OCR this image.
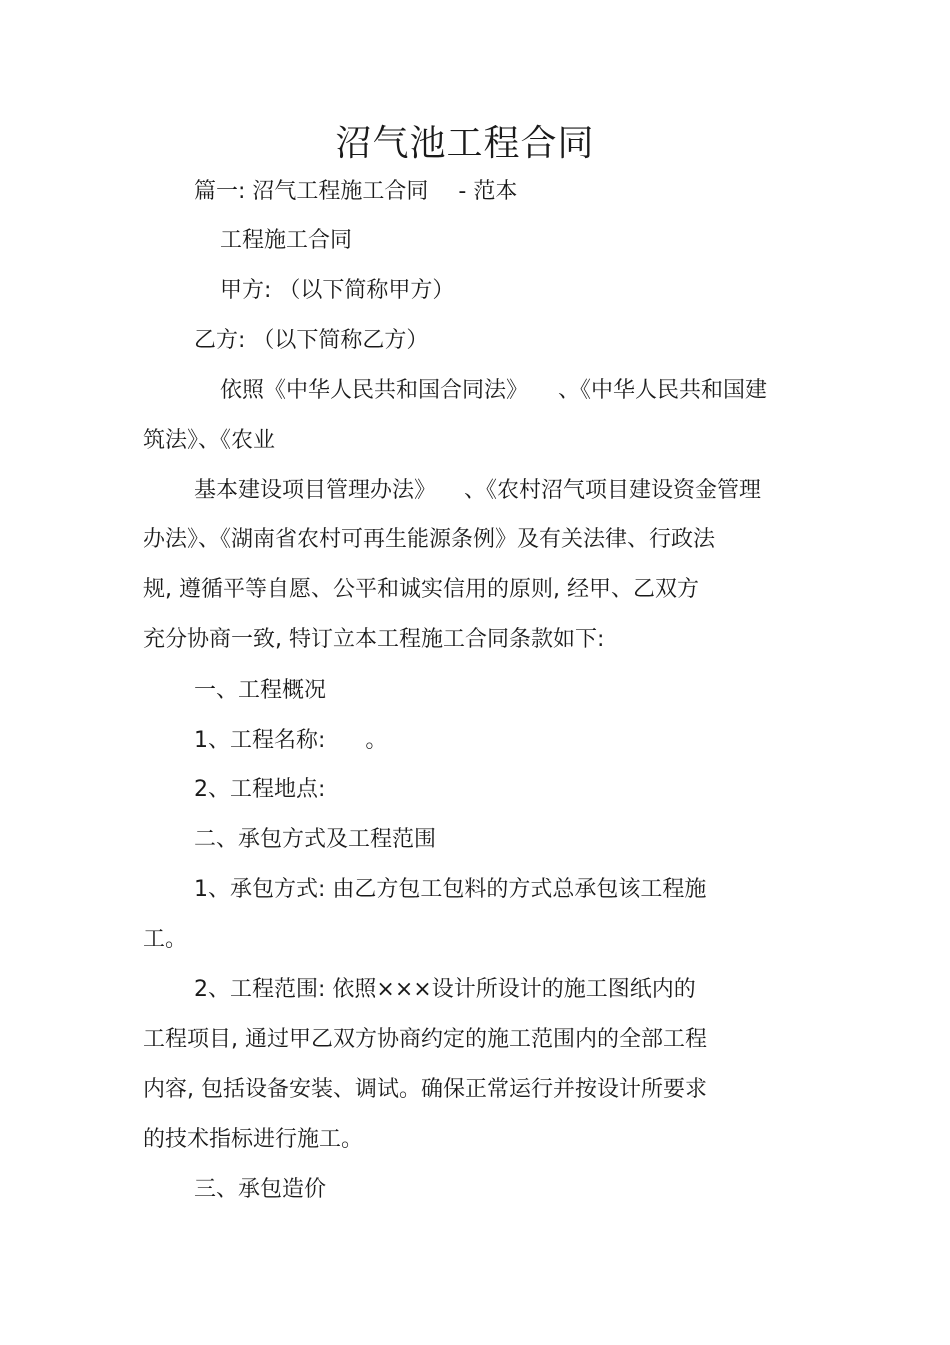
沼气池工程合同
篇一: 沼气工程施工合同 - 范本
工程施工合同
甲方: （以下简称甲方）
乙方: （以下简称乙方）
依照《中华人民共和国合同法》 、《中华人民共和国建
筑法》、《农业
基本建设项目管理办法》 、《农村沼气项目建设资金管理
办法》、《湖南省农村可再生能源条例》及有关法律、行政法
规, 遵循平等自愿、公平和诚实信用的原则, 经甲、乙双方
充分协商一致, 特订立本工程施工合同条款如下:
一、工程概况
1、工程名称: 。
2、工程地点:
二、承包方式及工程范围
1、承包方式: 由乙方包工包料的方式总承包该工程施
工。
2、工程范围: 依照×××设计所设计的施工图纸内的
工程项目, 通过甲乙双方协商约定的施工范围内的全部工程
内容, 包括设备安装、调试。确保正常运行并按设计所要求
的技术指标进行施工。
三、承包造价
